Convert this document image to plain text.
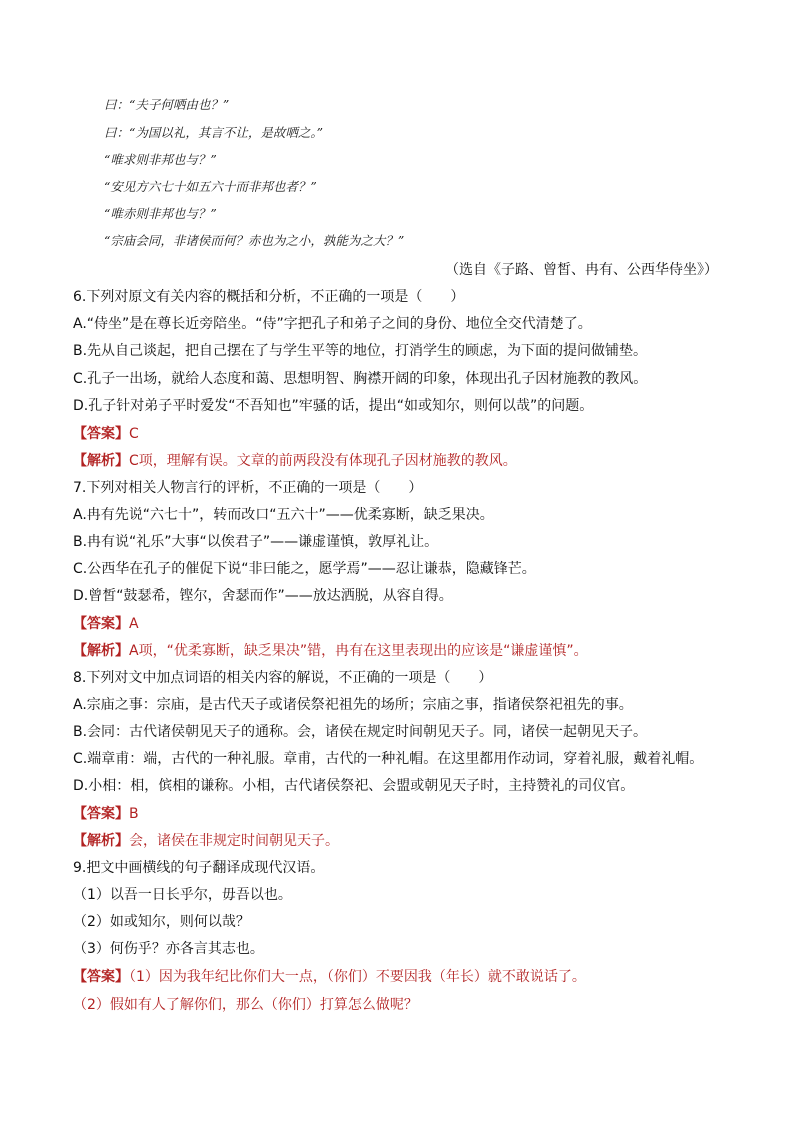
曰：“夫子何哂由也？”
曰：“为国以礼，其言不让，是故哂之。”
“唯求则非邦也与？”
“安见方六七十如五六十而非邦也者？”
“唯赤则非邦也与？”
“宗庙会同，非诸侯而何？赤也为之小，孰能为之大？”
（选自《子路、曾皙、冉有、公西华侍坐》）
6.下列对原文有关内容的概括和分析，不正确的一项是（　　）
A.“侍坐”是在尊长近旁陪坐。“侍”字把孔子和弟子之间的身份、地位全交代清楚了。
B.先从自己谈起，把自己摆在了与学生平等的地位，打消学生的顾虑，为下面的提问做铺垫。
C.孔子一出场，就给人态度和蔼、思想明智、胸襟开阔的印象，体现出孔子因材施教的教风。
D.孔子针对弟子平时爱发“不吾知也”牢骚的话，提出“如或知尔，则何以哉”的问题。
【答案】C
【解析】C项，理解有误。文章的前两段没有体现孔子因材施教的教风。
7.下列对相关人物言行的评析，不正确的一项是（　　）
A.冉有先说“六七十”，转而改口“五六十”——优柔寡断，缺乏果决。
B.冉有说“礼乐”大事“以俟君子”——谦虚谨慎，敦厚礼让。
C.公西华在孔子的催促下说“非曰能之，愿学焉”——忍让谦恭，隐藏锋芒。
D.曾皙“鼓瑟希，铿尔，舍瑟而作”——放达洒脱，从容自得。
【答案】A
【解析】A项，“优柔寡断，缺乏果决”错，冉有在这里表现出的应该是“谦虚谨慎”。
8.下列对文中加点词语的相关内容的解说，不正确的一项是（　　）
A.宗庙之事：宗庙，是古代天子或诸侯祭祀祖先的场所；宗庙之事，指诸侯祭祀祖先的事。
B.会同：古代诸侯朝见天子的通称。会，诸侯在规定时间朝见天子。同，诸侯一起朝见天子。
C.端章甫：端，古代的一种礼服。章甫，古代的一种礼帽。在这里都用作动词，穿着礼服，戴着礼帽。
D.小相：相，傧相的谦称。小相，古代诸侯祭祀、会盟或朝见天子时，主持赞礼的司仪官。
【答案】B
【解析】会，诸侯在非规定时间朝见天子。
9.把文中画横线的句子翻译成现代汉语。
（1）以吾一日长乎尔，毋吾以也。
（2）如或知尔，则何以哉？
（3）何伤乎？亦各言其志也。
【答案】（1）因为我年纪比你们大一点，（你们）不要因我（年长）就不敢说话了。
（2）假如有人了解你们，那么（你们）打算怎么做呢？
